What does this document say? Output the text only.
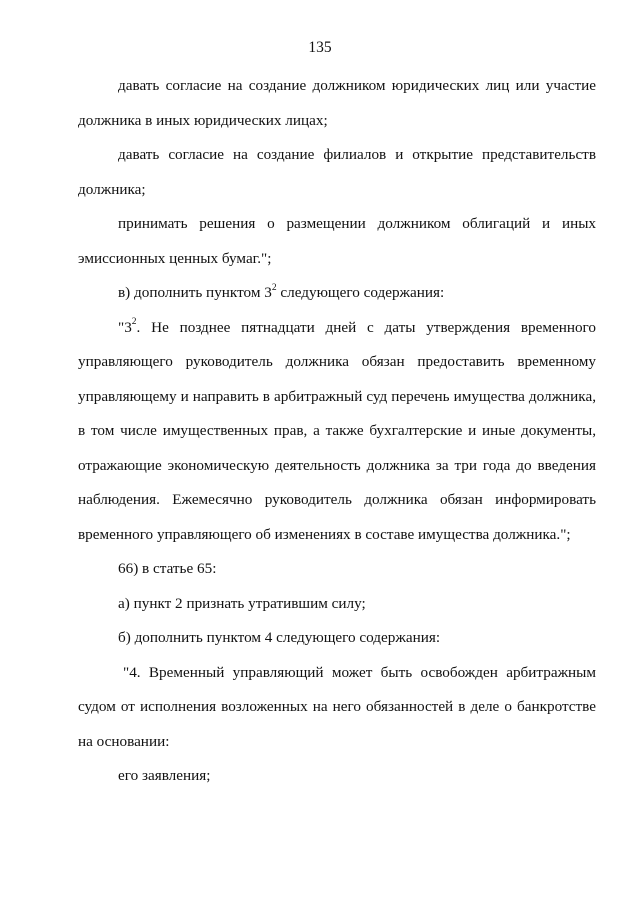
135
давать согласие на создание должником юридических лиц или участие
должника в иных юридических лицах;
давать согласие на создание филиалов и открытие представительств
должника;
принимать решения о размещении должником облигаций и иных
эмиссионных ценных бумаг.";
в) дополнить пунктом $3^2$ следующего содержания:
"$3^2$. Не позднее пятнадцати дней с даты утверждения временного
управляющего руководитель должника обязан предоставить временному
управляющему и направить в арбитражный суд перечень имущества должника,
в том числе имущественных прав, а также бухгалтерские и иные документы,
отражающие экономическую деятельность должника за три года до введения
наблюдения. Ежемесячно руководитель должника обязан информировать
временного управляющего об изменениях в составе имущества должника.";
66) в статье 65:
а) пункт 2 признать утратившим силу;
б) дополнить пунктом 4 следующего содержания:
"4. Временный управляющий может быть освобожден арбитражным
судом от исполнения возложенных на него обязанностей в деле о банкротстве
на основании:
его заявления;
